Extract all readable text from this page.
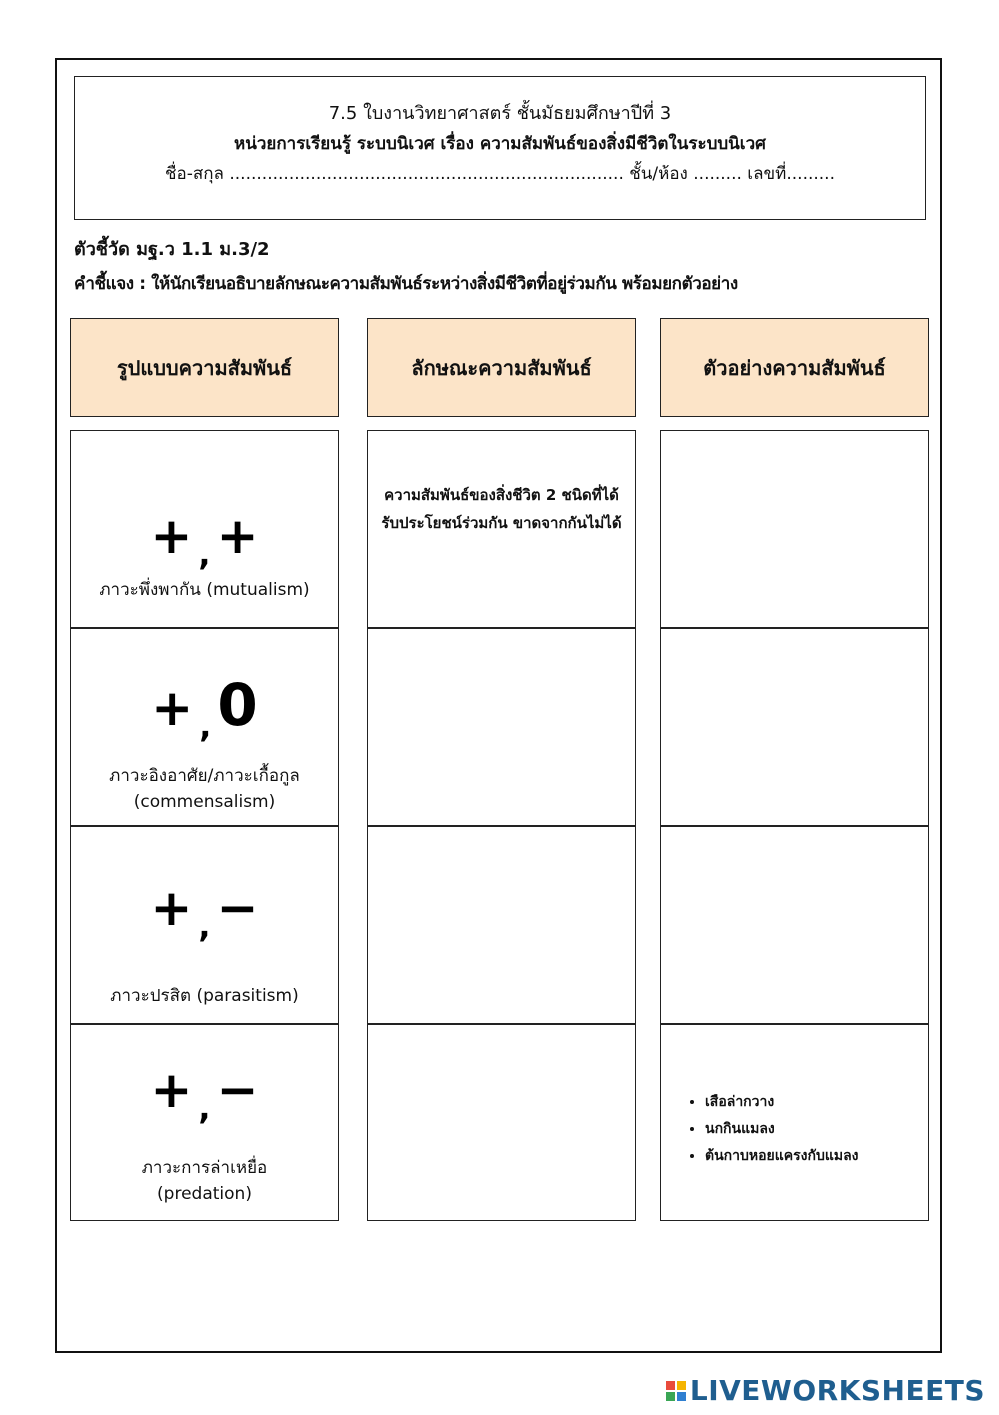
7.5 ใบงานวิทยาศาสตร์ ชั้นมัธยมศึกษาปีที่ 3
หน่วยการเรียนรู้ ระบบนิเวศ เรื่อง ความสัมพันธ์ของสิ่งมีชีวิตในระบบนิเวศ
ชื่อ-สกุล ......................................................................... ชั้น/ห้อง ......... เลขที่.........
ตัวชี้วัด มฐ.ว 1.1 ม.3/2
คำชี้แจง : ให้นักเรียนอธิบายลักษณะความสัมพันธ์ระหว่างสิ่งมีชีวิตที่อยู่ร่วมกัน พร้อมยกตัวอย่าง
รูปแบบความสัมพันธ์	ลักษณะความสัมพันธ์	ตัวอย่างความสัมพันธ์
+ , +
ภาวะพึ่งพากัน (mutualism)
ความสัมพันธ์ของสิ่งชีวิต 2 ชนิดที่ได้รับประโยชน์ร่วมกัน ขาดจากกันไม่ได้
+ , 0
ภาวะอิงอาศัย/ภาวะเกื้อกูล (commensalism)
+ , −
ภาวะปรสิต (parasitism)
+ , −
ภาวะการล่าเหยื่อ (predation)
• เสือล่ากวาง
• นกกินแมลง
• ต้นกาบหอยแครงกับแมลง
LIVEWORKSHEETS
